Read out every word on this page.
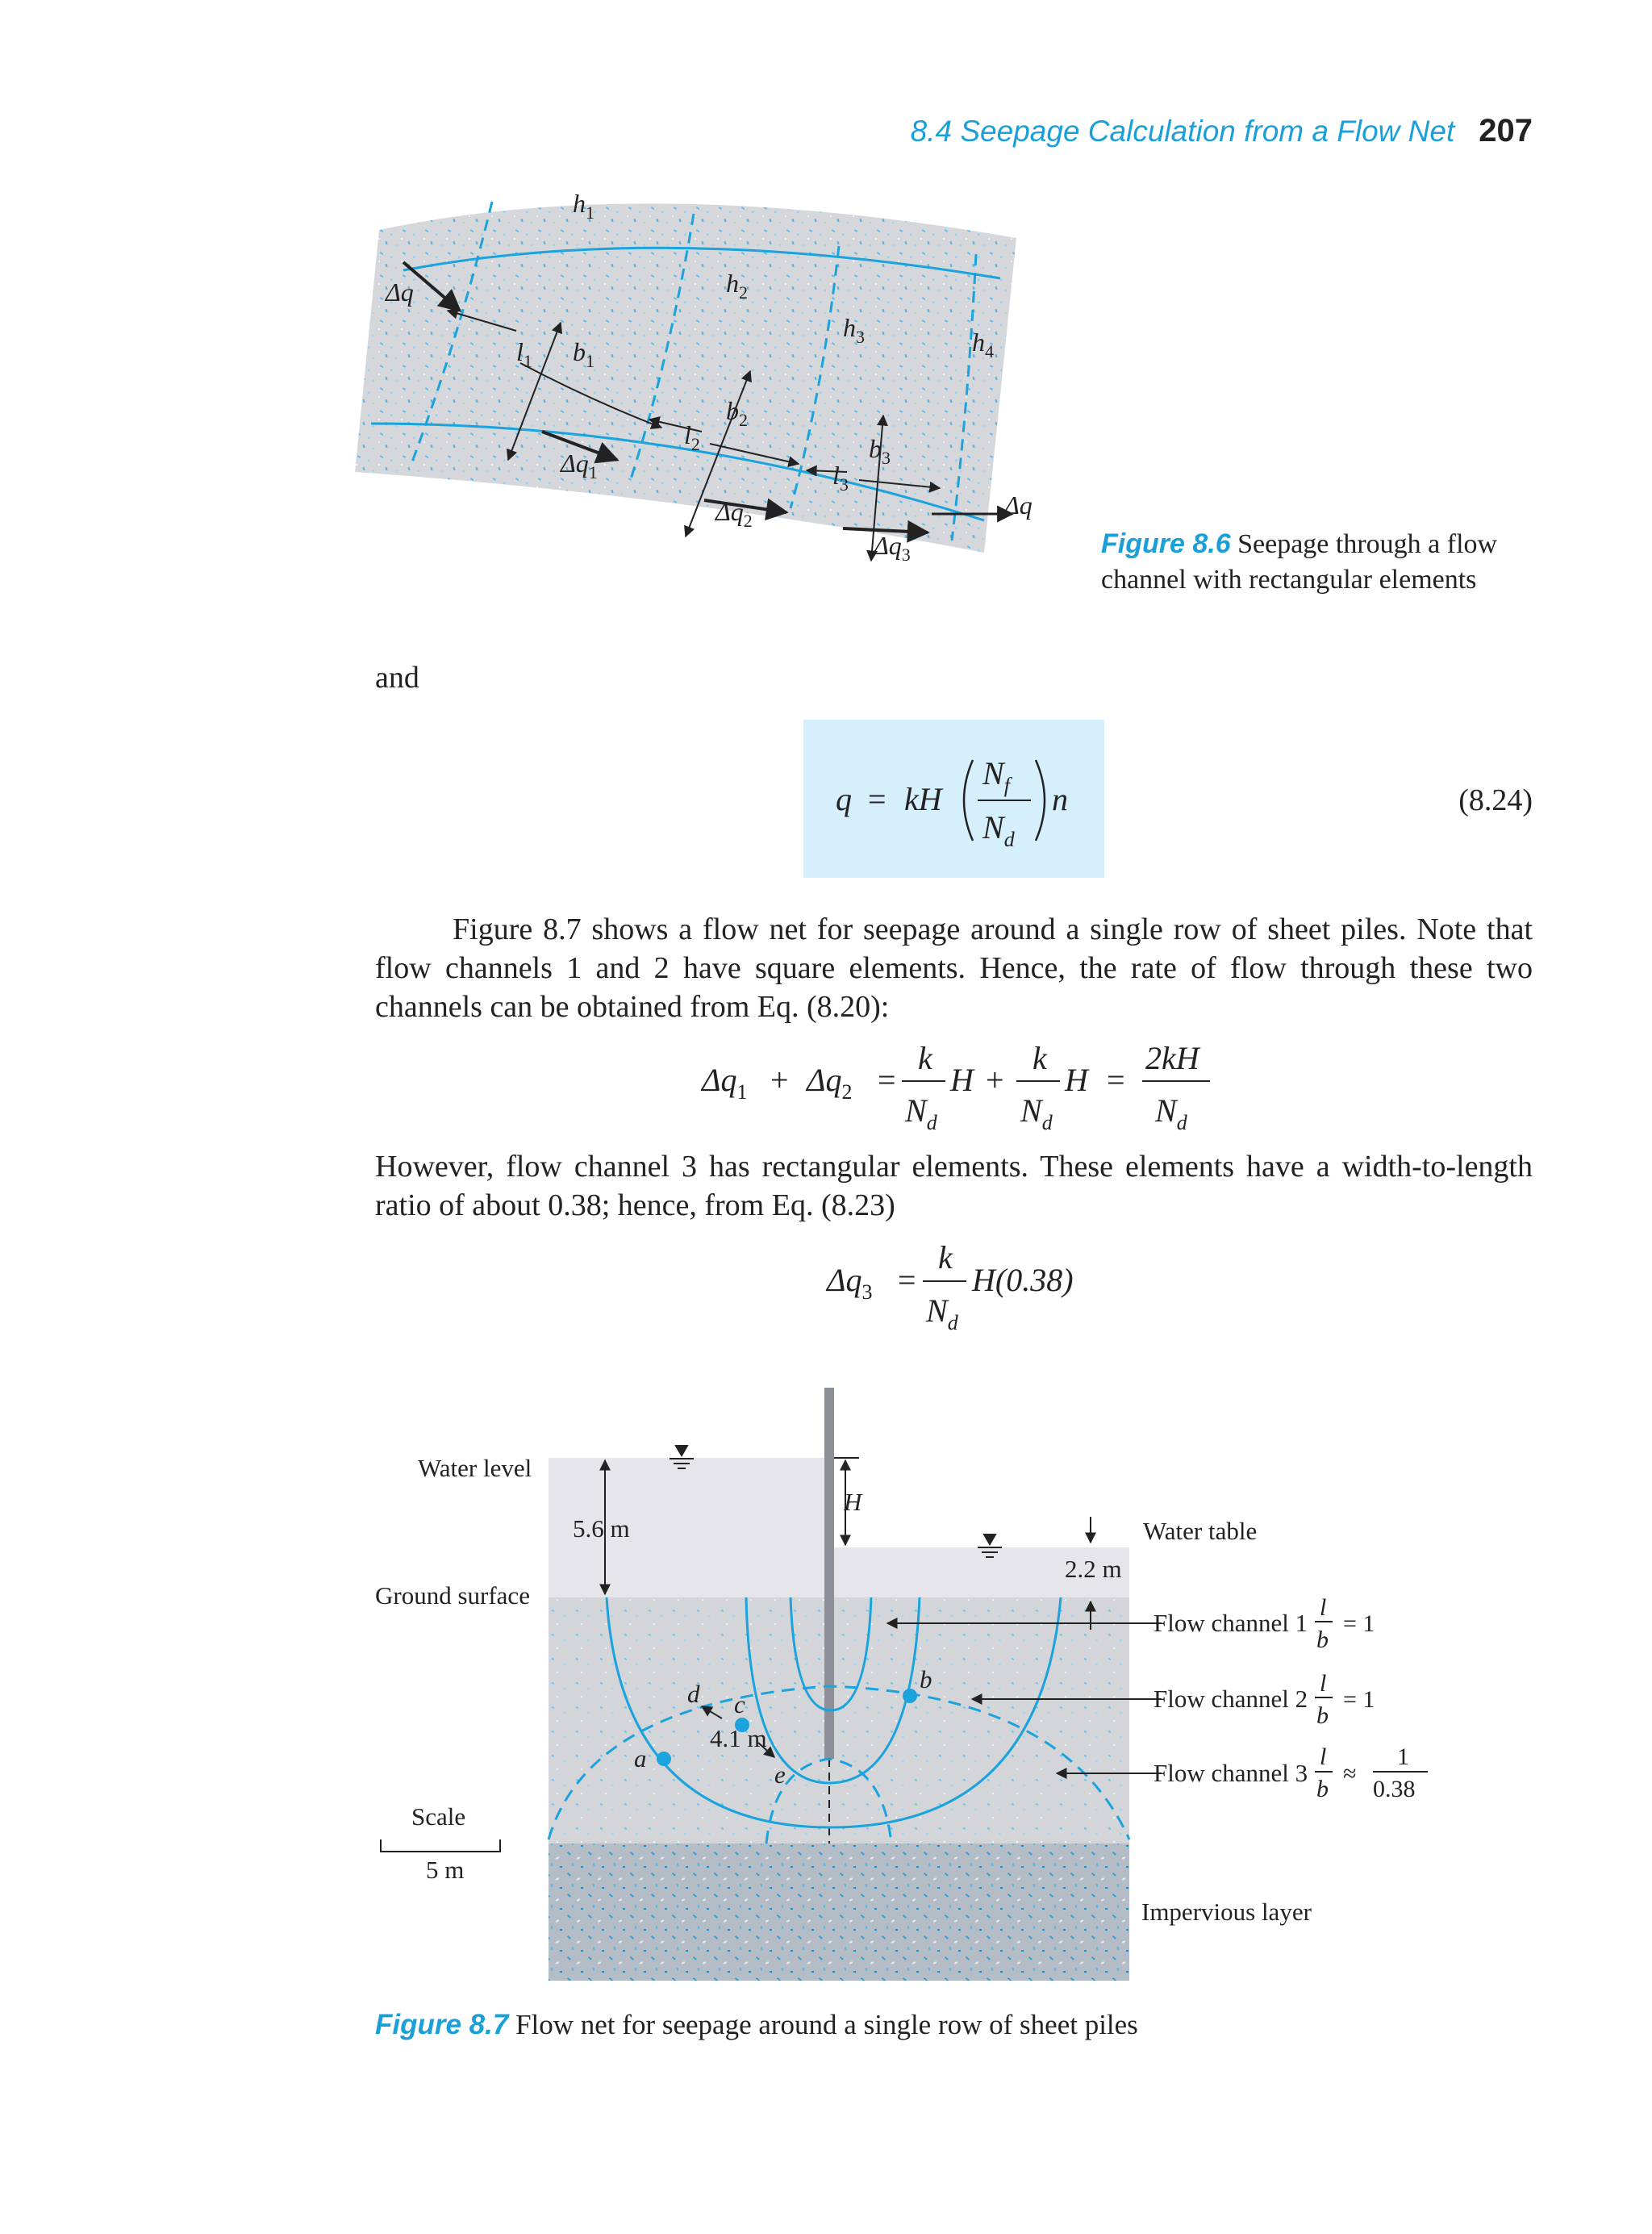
8.4 Seepage Calculation from a Flow Net 207
Δq
$h_1$
$h_2$
$h_3$	$h_4$
$l_1$ $b_1$
$\Delta q_1$
$l_2$
$b_2$
$\Delta q_2$
$l_3$
$b_3$
$\Delta q_3$
Δq
Figure 8.6 Seepage through a flow channel with rectangular elements
and
q = kH
$N_f$
$N_d$
n	(8.24)
Figure 8.7 shows a flow net for seepage around a single row of sheet piles. Note that flow channels 1 and 2 have square elements. Hence, the rate of flow through these two channels can be obtained from Eq. (8.20):
$\Delta q_1 + \Delta q_2$ =
k
$N_d$
H +
k
$N_d$
H =
2kH
$N_d$
However, flow channel 3 has rectangular elements. These elements have a width-to-length ratio of about 0.38; hence, from Eq. (8.23)
$\Delta q_3$ =
k
$N_d$
H(0.38)
Water level
Ground surface
5.6 m
H
Water table
2.2 m
Flow channel 1
Flow channel 2
Flow channel 3
a
b
c
d
e
4.1 m
Scale
5 m
Impervious layer
l
b
= 1
l
b
= 1
l
b
≈
1
0.38
Figure 8.7 Flow net for seepage around a single row of sheet piles
